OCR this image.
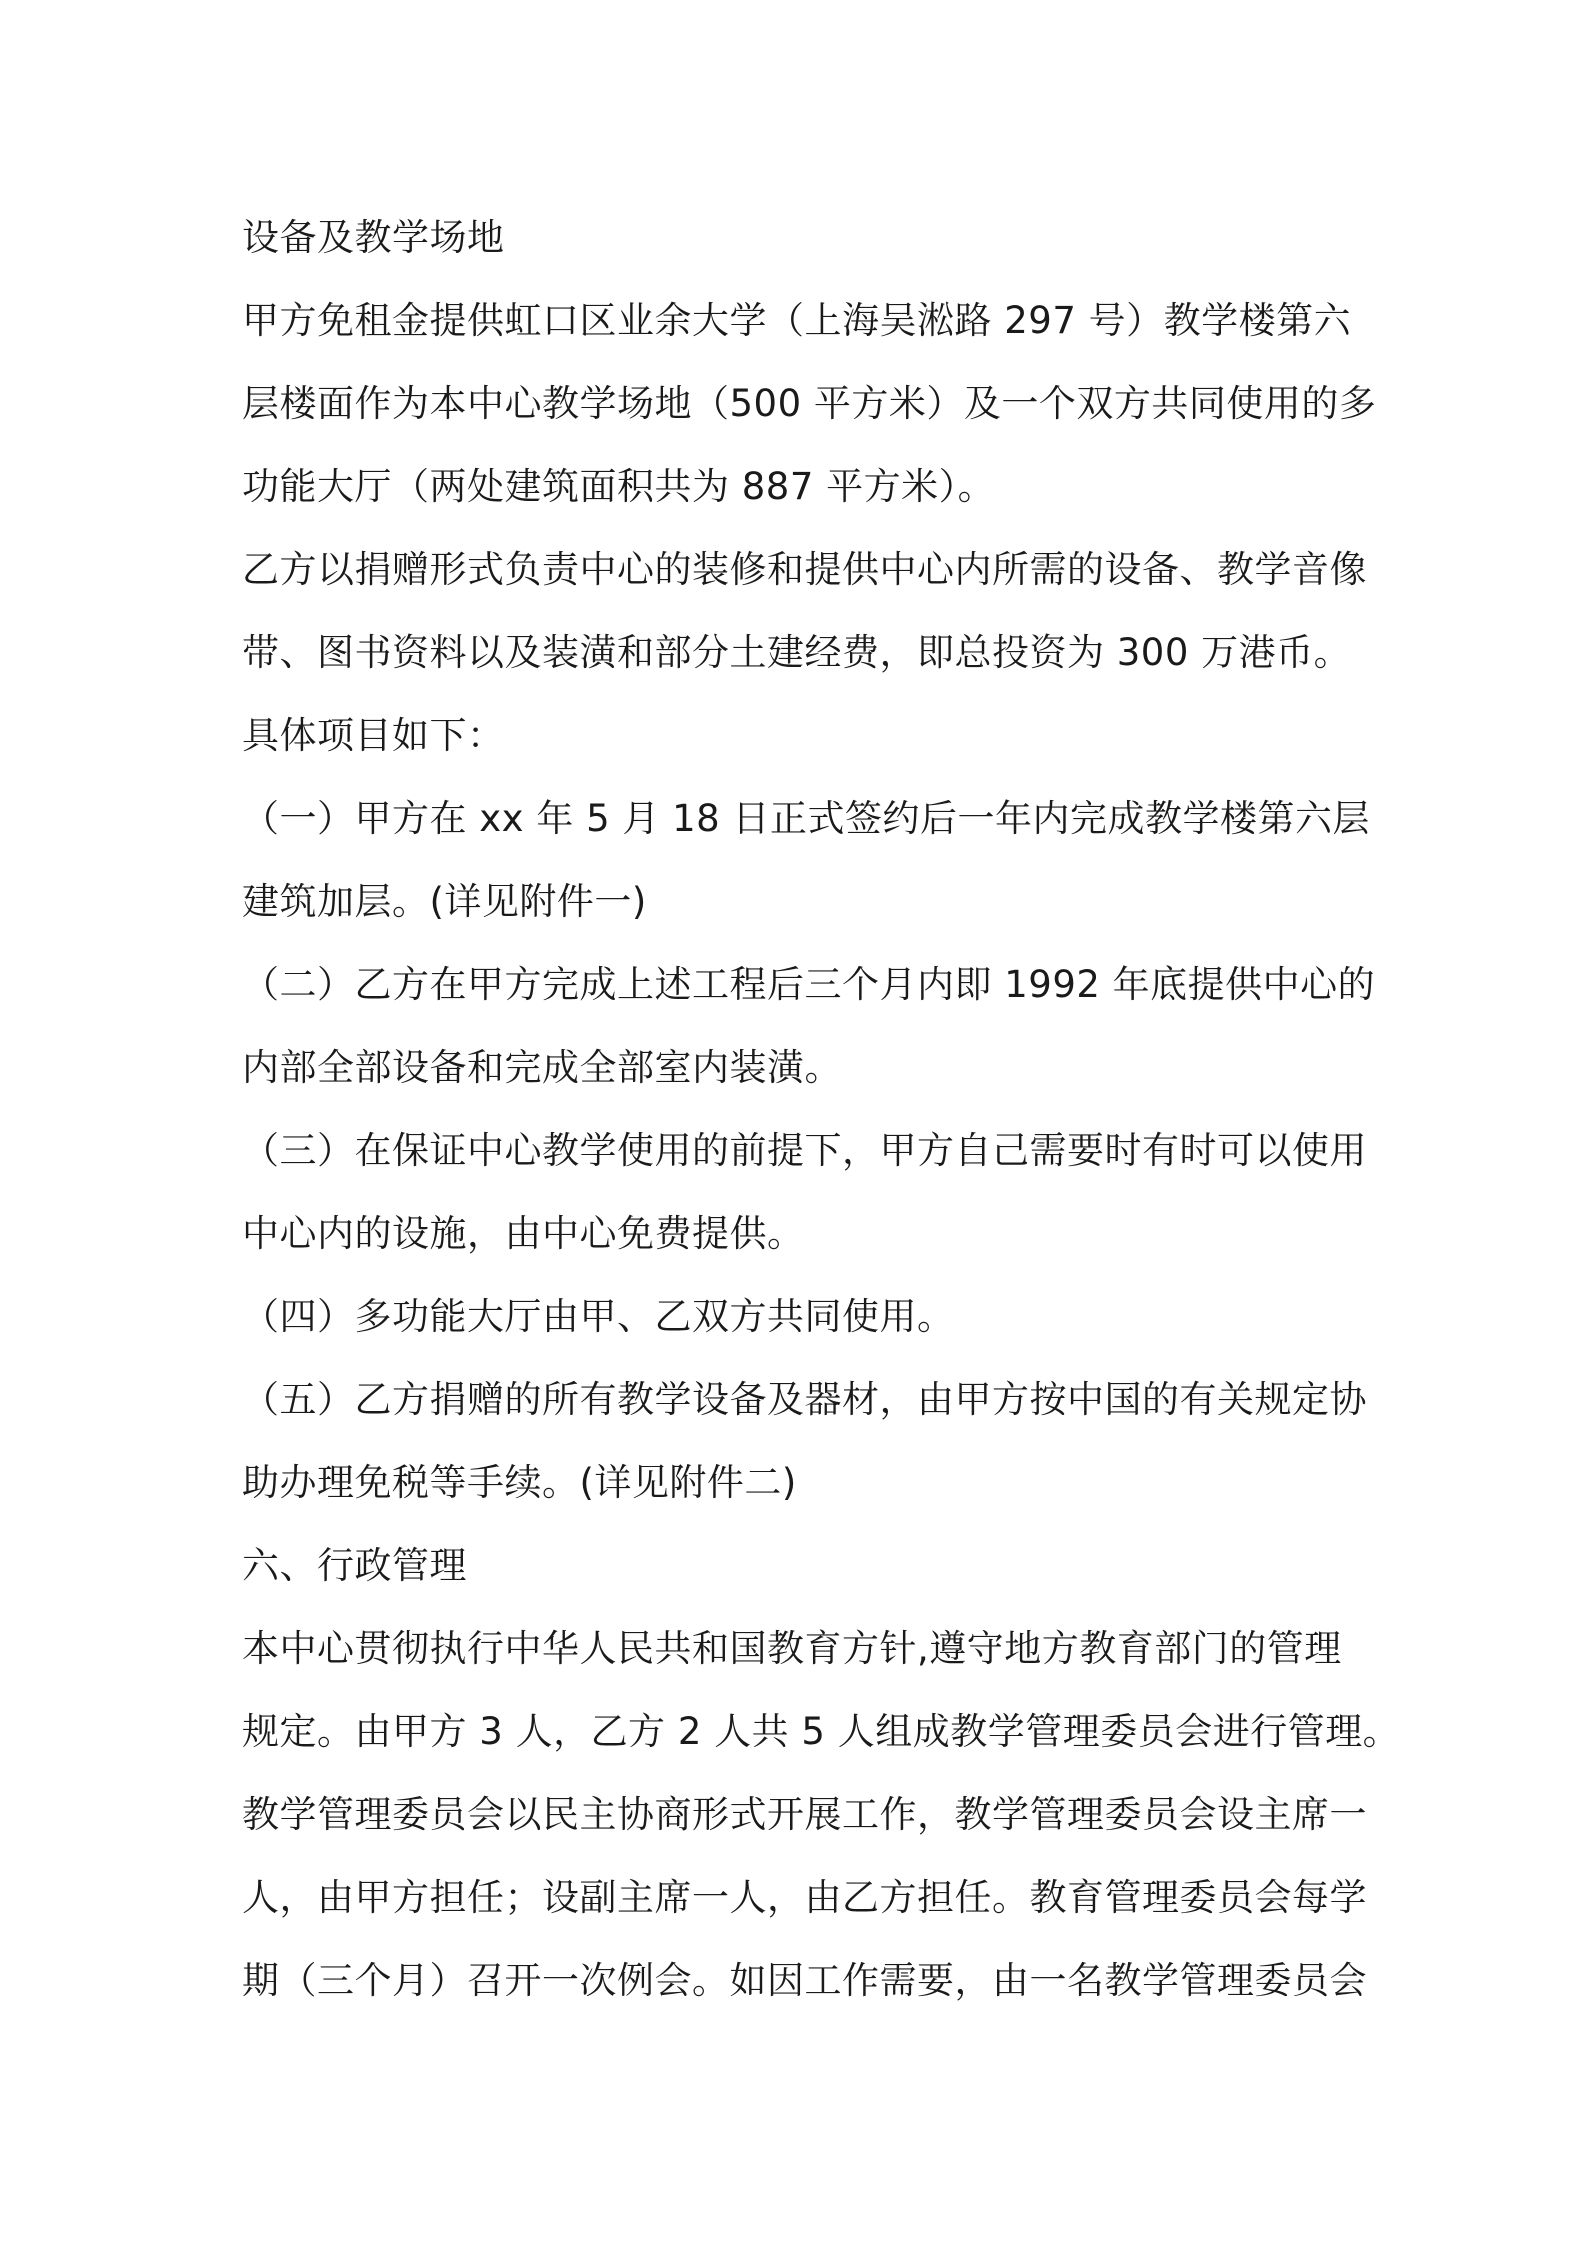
设备及教学场地
甲方免租金提供虹口区业余大学（上海吴淞路 297 号）教学楼第六
层楼面作为本中心教学场地（500 平方米）及一个双方共同使用的多
功能大厅（两处建筑面积共为 887 平方米）。
乙方以捐赠形式负责中心的装修和提供中心内所需的设备、教学音像
带、图书资料以及装潢和部分土建经费，即总投资为 300 万港币。
具体项目如下：
（一）甲方在 xx 年 5 月 18 日正式签约后一年内完成教学楼第六层
建筑加层。(详见附件一)
（二）乙方在甲方完成上述工程后三个月内即 1992 年底提供中心的
内部全部设备和完成全部室内装潢。
（三）在保证中心教学使用的前提下，甲方自己需要时有时可以使用
中心内的设施，由中心免费提供。
（四）多功能大厅由甲、乙双方共同使用。
（五）乙方捐赠的所有教学设备及器材，由甲方按中国的有关规定协
助办理免税等手续。(详见附件二)
六、行政管理
本中心贯彻执行中华人民共和国教育方针,遵守地方教育部门的管理
规定。由甲方 3 人，乙方 2 人共 5 人组成教学管理委员会进行管理。
教学管理委员会以民主协商形式开展工作，教学管理委员会设主席一
人，由甲方担任；设副主席一人，由乙方担任。教育管理委员会每学
期（三个月）召开一次例会。如因工作需要，由一名教学管理委员会
